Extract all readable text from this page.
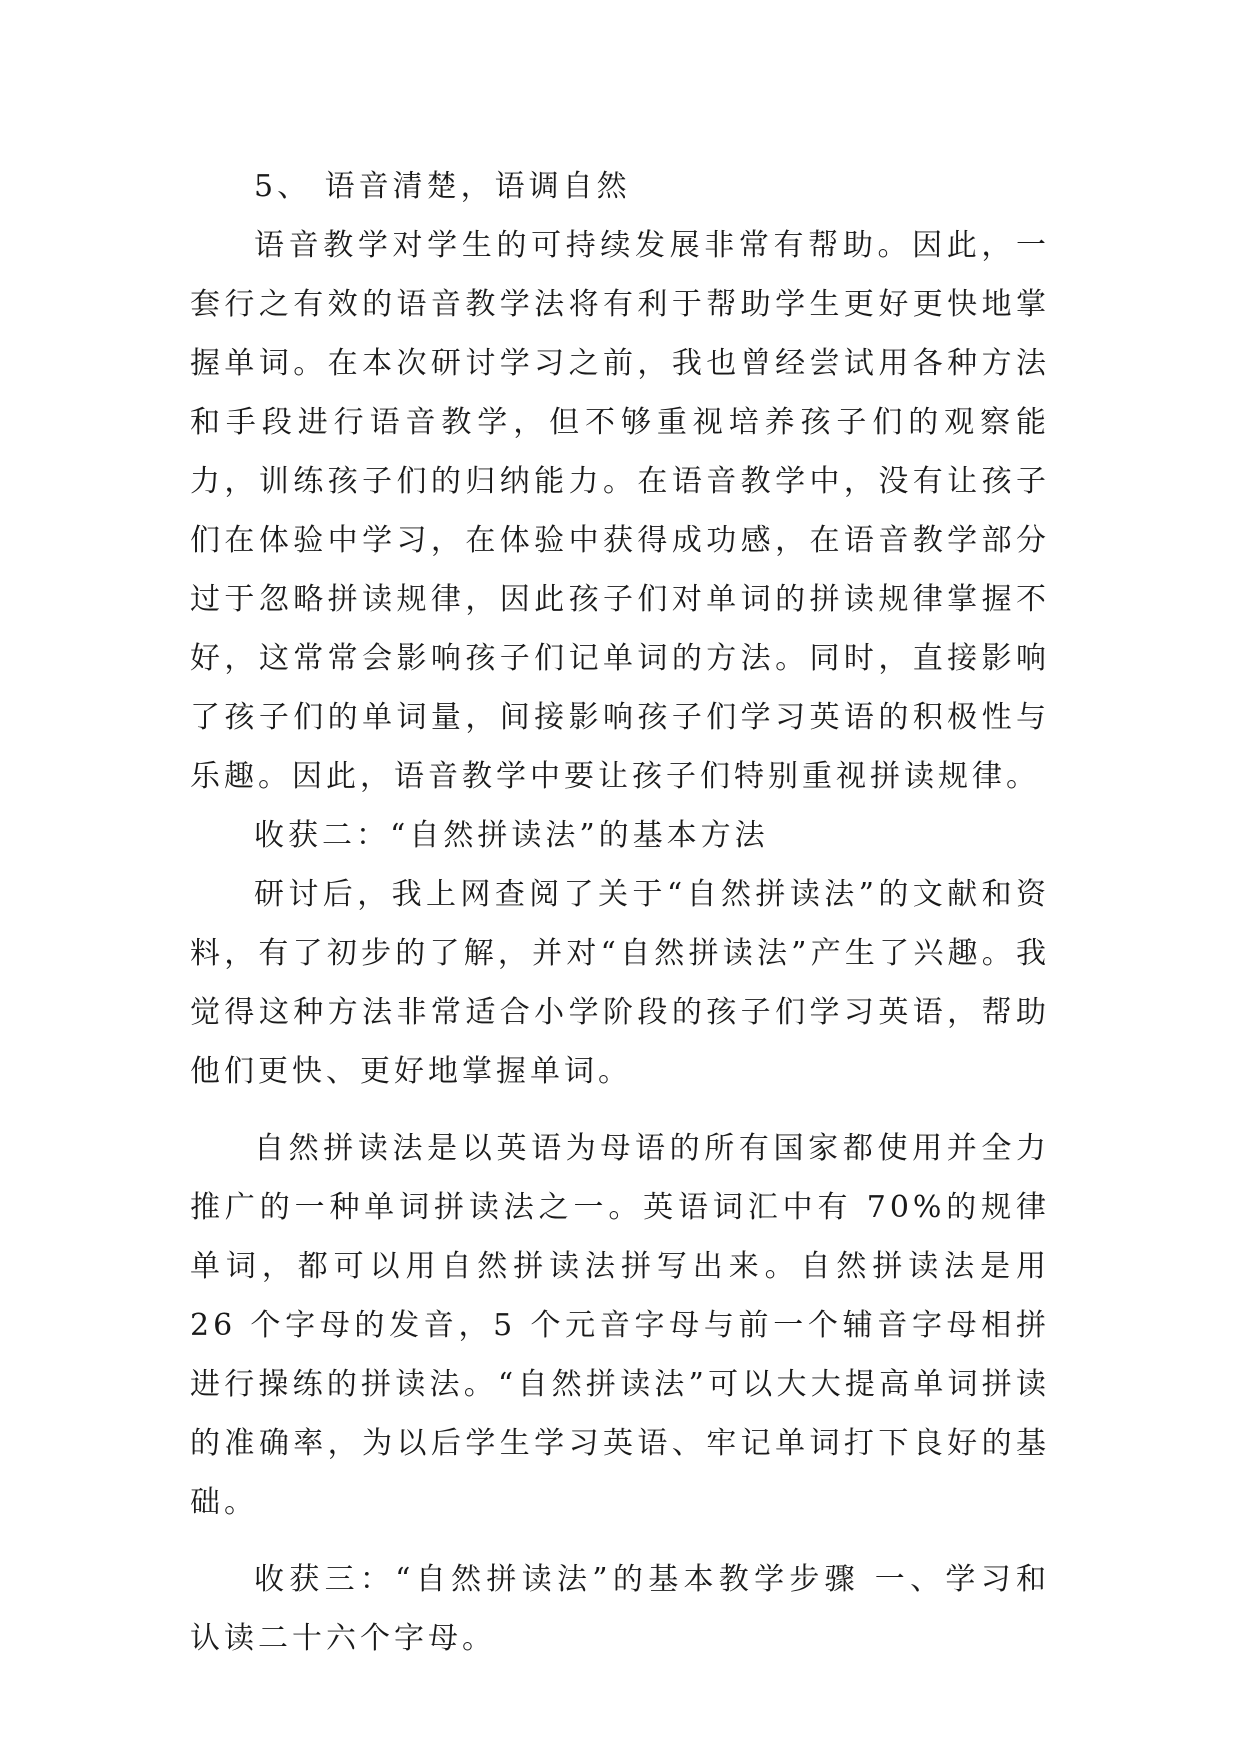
5、 语音清楚，语调自然

语音教学对学生的可持续发展非常有帮助。因此，一套行之有效的语音教学法将有利于帮助学生更好更快地掌握单词。在本次研讨学习之前，我也曾经尝试用各种方法和手段进行语音教学，但不够重视培养孩子们的观察能力，训练孩子们的归纳能力。在语音教学中，没有让孩子们在体验中学习，在体验中获得成功感，在语音教学部分过于忽略拼读规律，因此孩子们对单词的拼读规律掌握不好，这常常会影响孩子们记单词的方法。同时，直接影响了孩子们的单词量，间接影响孩子们学习英语的积极性与乐趣。因此，语音教学中要让孩子们特别重视拼读规律。

收获二：“自然拼读法”的基本方法

研讨后，我上网查阅了关于“自然拼读法”的文献和资料，有了初步的了解，并对“自然拼读法”产生了兴趣。我觉得这种方法非常适合小学阶段的孩子们学习英语，帮助他们更快、更好地掌握单词。

自然拼读法是以英语为母语的所有国家都使用并全力推广的一种单词拼读法之一。英语词汇中有 70%的规律单词，都可以用自然拼读法拼写出来。自然拼读法是用 26 个字母的发音，5 个元音字母与前一个辅音字母相拼进行操练的拼读法。“自然拼读法”可以大大提高单词拼读的准确率，为以后学生学习英语、牢记单词打下良好的基础。

收获三：“自然拼读法”的基本教学步骤 一、学习和认读二十六个字母。
